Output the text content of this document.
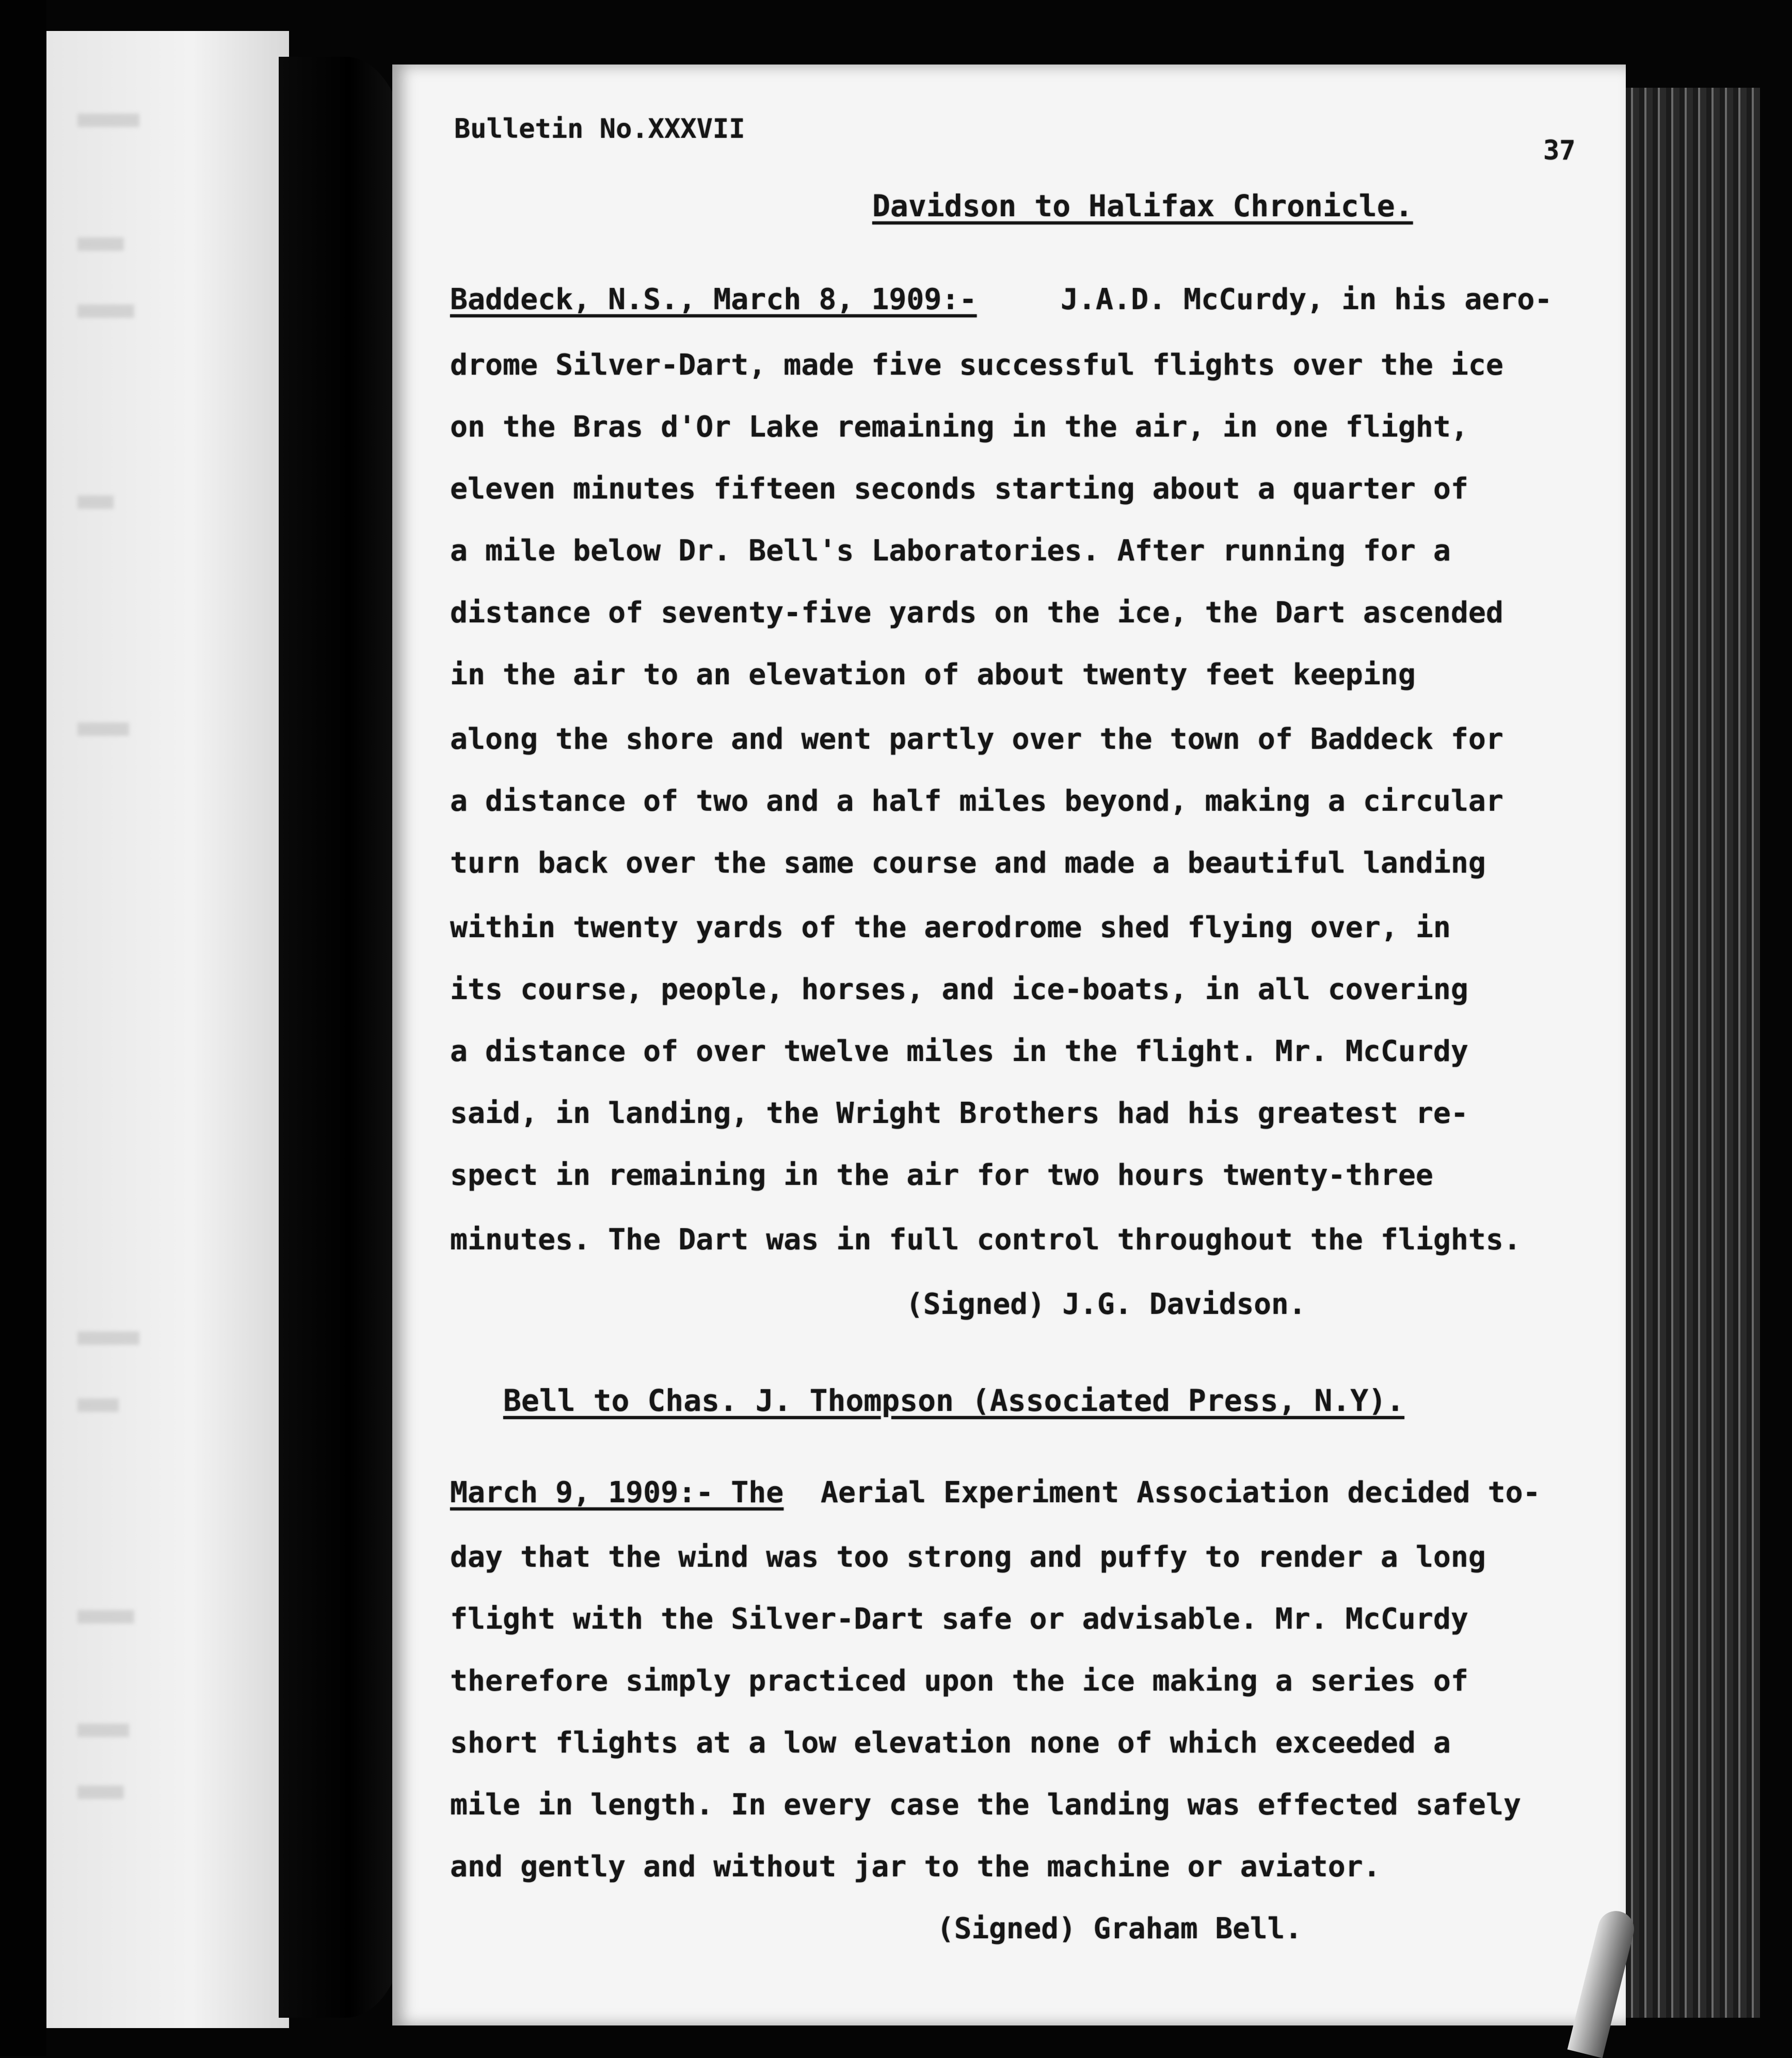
Bulletin No.XXXVII
37
Davidson to Halifax Chronicle.
Baddeck, N.S., March 8, 1909:-	J.A.D. McCurdy, in his aero-
drome Silver-Dart, made five successful flights over the ice
on the Bras d'Or Lake remaining in the air, in one flight,
eleven minutes fifteen seconds starting about a quarter of
a mile below Dr. Bell's Laboratories. After running for a
distance of seventy-five yards on the ice, the Dart ascended
in the air to an elevation of about twenty feet keeping
along the shore and went partly over the town of Baddeck for
a distance of two and a half miles beyond, making a circular
turn back over the same course and made a beautiful landing
within twenty yards of the aerodrome shed flying over, in
its course, people, horses, and ice-boats, in all covering
a distance of over twelve miles in the flight. Mr. McCurdy
said, in landing, the Wright Brothers had his greatest re-
spect in remaining in the air for two hours twenty-three
minutes. The Dart was in full control throughout the flights.
(Signed) J.G. Davidson.
Bell to Chas. J. Thompson (Associated Press, N.Y).
March 9, 1909:- The Aerial Experiment Association decided to-
day that the wind was too strong and puffy to render a long
flight with the Silver-Dart safe or advisable. Mr. McCurdy
therefore simply practiced upon the ice making a series of
short flights at a low elevation none of which exceeded a
mile in length. In every case the landing was effected safely
and gently and without jar to the machine or aviator.
(Signed) Graham Bell.
